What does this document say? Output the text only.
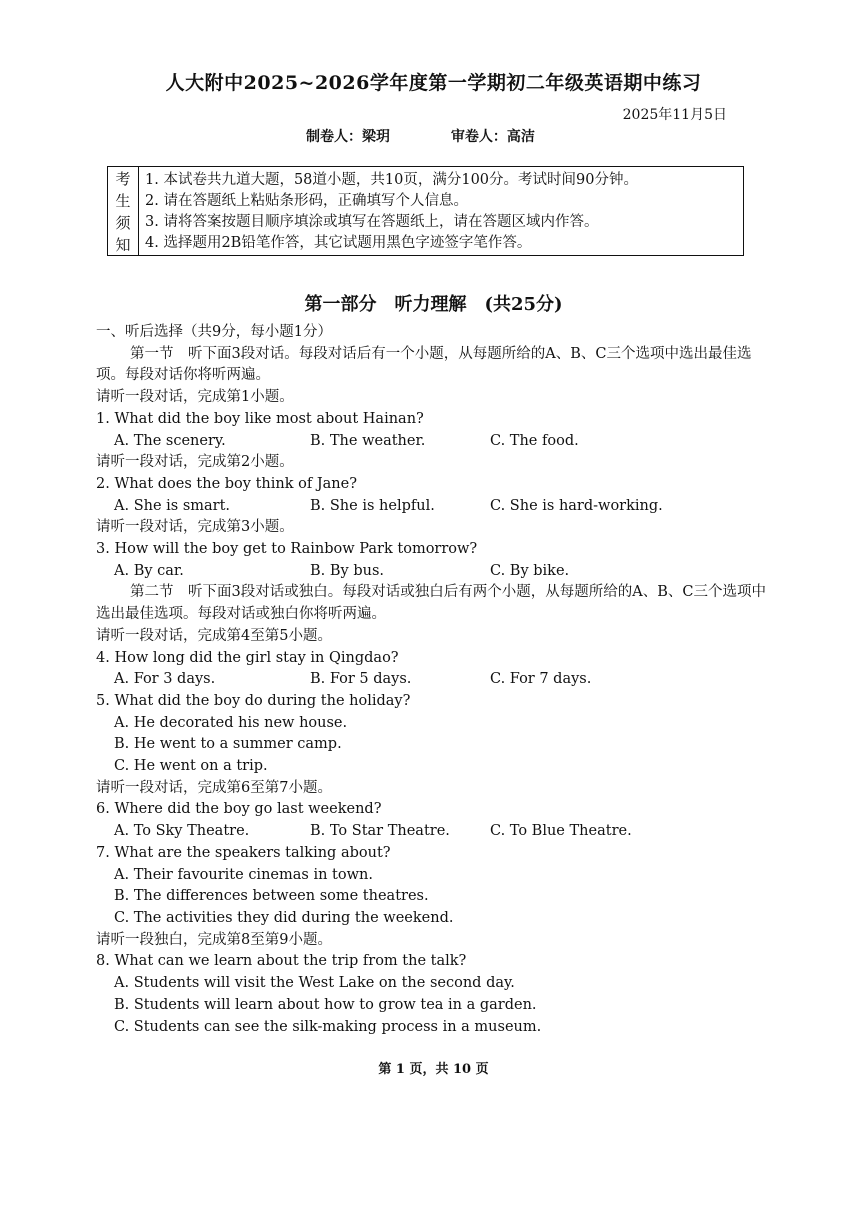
人大附中2025~2026学年度第一学期初二年级英语期中练习
2025年11月5日
制卷人：梁玥	审卷人：高洁
考
生
须
知
1. 本试卷共九道大题，58道小题，共10页，满分100分。考试时间90分钟。
2. 请在答题纸上粘贴条形码，正确填写个人信息。
3. 请将答案按题目顺序填涂或填写在答题纸上，请在答题区域内作答。
4. 选择题用2B铅笔作答，其它试题用黑色字迹签字笔作答。
第一部分　听力理解　(共25分)
一、听后选择（共9分，每小题1分）
第一节　听下面3段对话。每段对话后有一个小题，从每题所给的A、B、C三个选项中选出最佳选项。每段对话你将听两遍。
请听一段对话，完成第1小题。
1. What did the boy like most about Hainan?
A. The scenery.	B. The weather.	C. The food.
请听一段对话，完成第2小题。
2. What does the boy think of Jane?
A. She is smart.	B. She is helpful.	C. She is hard-working.
请听一段对话，完成第3小题。
3. How will the boy get to Rainbow Park tomorrow?
A. By car.	B. By bus.	C. By bike.
第二节　听下面3段对话或独白。每段对话或独白后有两个小题，从每题所给的A、B、C三个选项中选出最佳选项。每段对话或独白你将听两遍。
请听一段对话，完成第4至第5小题。
4. How long did the girl stay in Qingdao?
A. For 3 days.	B. For 5 days.	C. For 7 days.
5. What did the boy do during the holiday?
A. He decorated his new house.
B. He went to a summer camp.
C. He went on a trip.
请听一段对话，完成第6至第7小题。
6. Where did the boy go last weekend?
A. To Sky Theatre.	B. To Star Theatre.	C. To Blue Theatre.
7. What are the speakers talking about?
A. Their favourite cinemas in town.
B. The differences between some theatres.
C. The activities they did during the weekend.
请听一段独白，完成第8至第9小题。
8. What can we learn about the trip from the talk?
A. Students will visit the West Lake on the second day.
B. Students will learn about how to grow tea in a garden.
C. Students can see the silk-making process in a museum.
第 1 页，共 10 页
